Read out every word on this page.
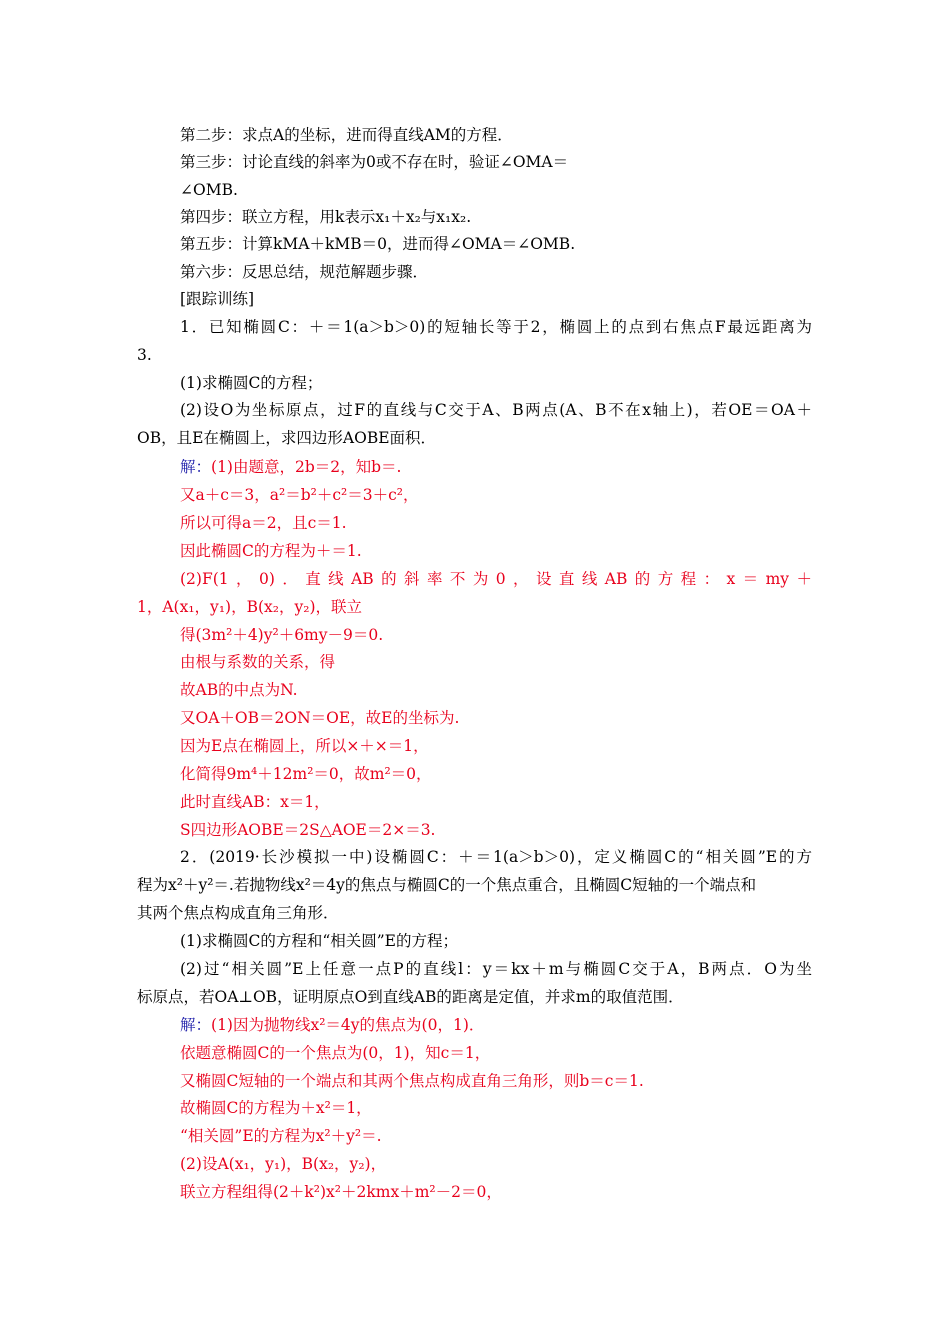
第二步：求点A的坐标，进而得直线AM的方程．
第三步：讨论直线的斜率为0或不存在时，验证∠OMA＝
∠OMB.
第四步：联立方程，用k表示x₁＋x₂与x₁x₂.
第五步：计算kMA＋kMB＝0，进而得∠OMA＝∠OMB.
第六步：反思总结，规范解题步骤．
[跟踪训练]
1．已知椭圆C：＋＝1(a＞b＞0)的短轴长等于2，椭圆上的点到右焦点F最远距离为
3.
(1)求椭圆C的方程；
(2)设O为坐标原点，过F的直线与C交于A、B两点(A、B不在x轴上)，若OE＝OA＋
OB，且E在椭圆上，求四边形AOBE面积．
解：(1)由题意，2b＝2，知b＝.
又a＋c＝3，a²＝b²＋c²＝3＋c²，
所以可得a＝2，且c＝1.
因此椭圆C的方程为＋＝1.
(2)F(1，0)．直线AB的斜率不为0，设直线AB的方程：x＝my＋
1，A(x₁，y₁)，B(x₂，y₂)，联立
得(3m²＋4)y²＋6my－9＝0.
由根与系数的关系，得
故AB的中点为N.
又OA＋OB＝2ON＝OE，故E的坐标为.
因为E点在椭圆上，所以×＋×＝1，
化简得9m⁴＋12m²＝0，故m²＝0，
此时直线AB：x＝1，
S四边形AOBE＝2S△AOE＝2×＝3.
2．(2019·长沙模拟一中)设椭圆C：＋＝1(a＞b＞0)，定义椭圆C的“相关圆”E的方
程为x²＋y²＝.若抛物线x²＝4y的焦点与椭圆C的一个焦点重合，且椭圆C短轴的一个端点和
其两个焦点构成直角三角形．
(1)求椭圆C的方程和“相关圆”E的方程；
(2)过“相关圆”E上任意一点P的直线l：y＝kx＋m与椭圆C交于A，B两点．O为坐
标原点，若OA⊥OB，证明原点O到直线AB的距离是定值，并求m的取值范围．
解：(1)因为抛物线x²＝4y的焦点为(0，1)．
依题意椭圆C的一个焦点为(0，1)，知c＝1，
又椭圆C短轴的一个端点和其两个焦点构成直角三角形，则b＝c＝1.
故椭圆C的方程为＋x²＝1，
“相关圆”E的方程为x²＋y²＝.
(2)设A(x₁，y₁)，B(x₂，y₂)，
联立方程组得(2＋k²)x²＋2kmx＋m²－2＝0，
